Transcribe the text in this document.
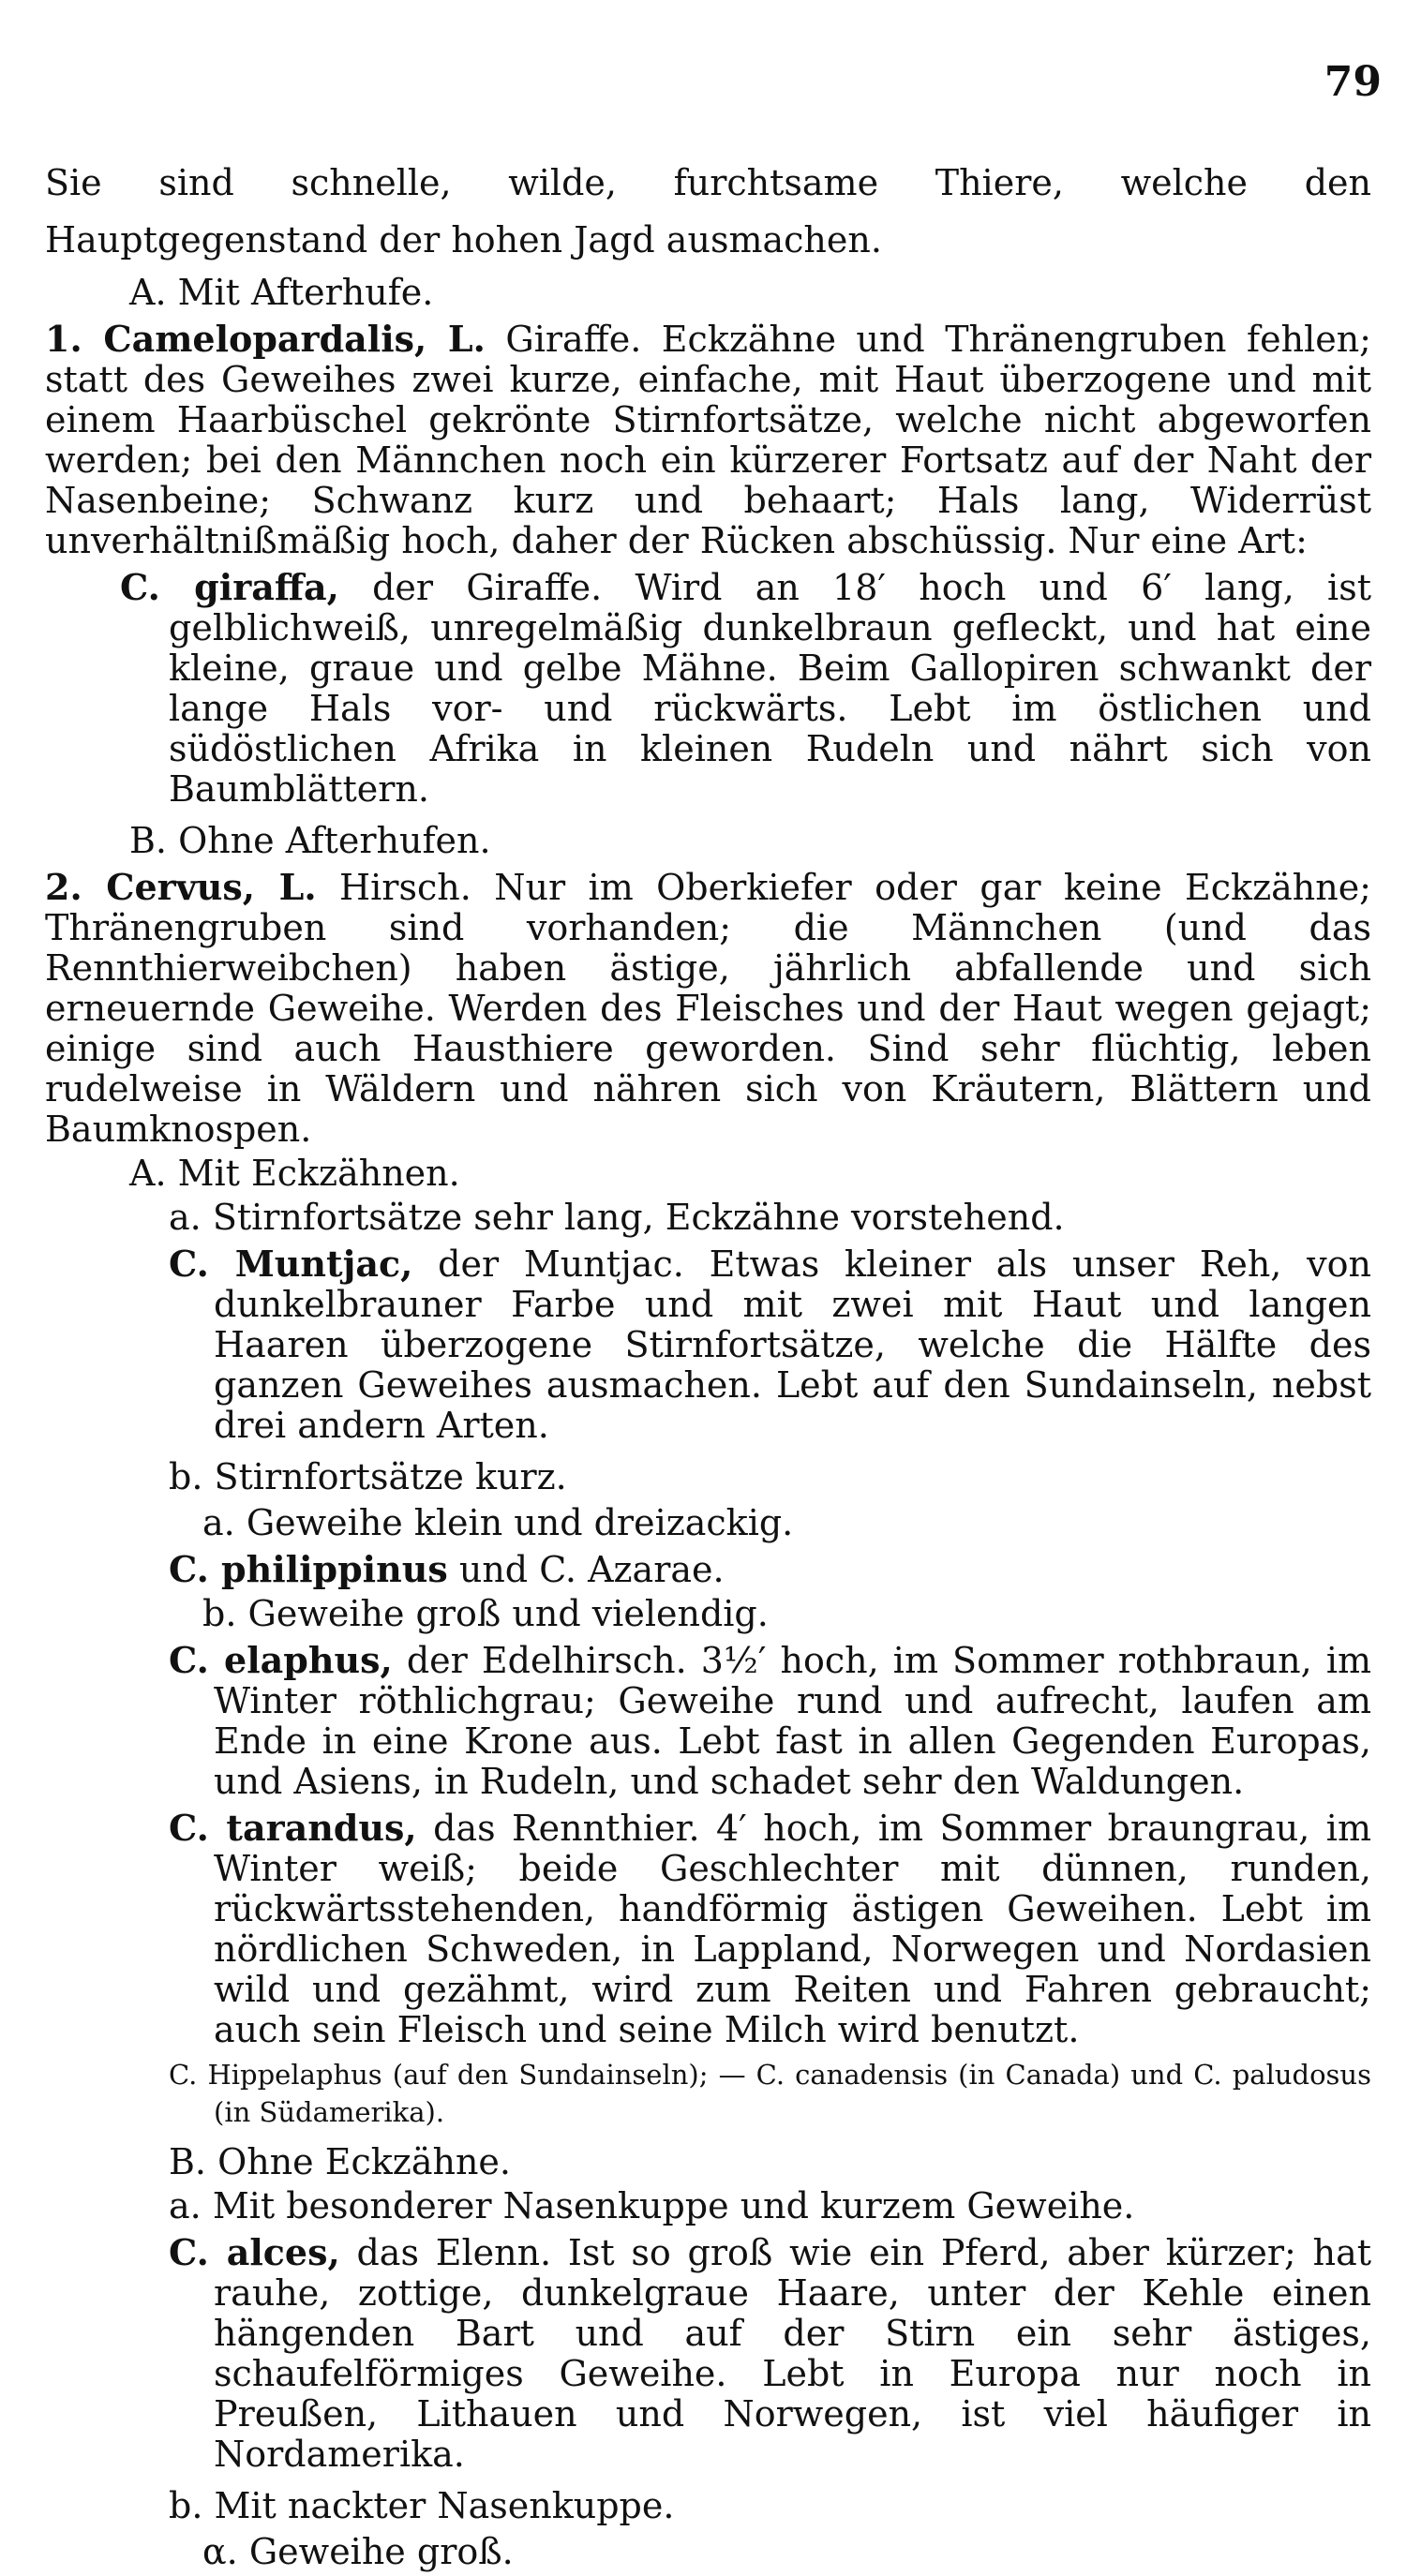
79

Sie sind schnelle, wilde, furchtsame Thiere, welche den Hauptgegenstand der hohen Jagd ausmachen.

A. Mit Afterhufe.

1. Camelopardalis, L. Giraffe. Eckzähne und Thränengruben fehlen; statt des Geweihes zwei kurze, einfache, mit Haut überzogene und mit einem Haarbüschel gekrönte Stirnfortsätze, welche nicht abgeworfen werden; bei den Männchen noch ein kürzerer Fortsatz auf der Naht der Nasenbeine; Schwanz kurz und behaart; Hals lang, Widerrüst unverhältnißmäßig hoch, daher der Rücken abschüssig. Nur eine Art:

C. giraffa, der Giraffe. Wird an 18′ hoch und 6′ lang, ist gelblichweiß, unregelmäßig dunkelbraun gefleckt, und hat eine kleine, graue und gelbe Mähne. Beim Gallopiren schwankt der lange Hals vor- und rückwärts. Lebt im östlichen und südöstlichen Afrika in kleinen Rudeln und nährt sich von Baumblättern.

B. Ohne Afterhufen.

2. Cervus, L. Hirsch. Nur im Oberkiefer oder gar keine Eckzähne; Thränengruben sind vorhanden; die Männchen (und das Rennthierweibchen) haben ästige, jährlich abfallende und sich erneuernde Geweihe. Werden des Fleisches und der Haut wegen gejagt; einige sind auch Hausthiere geworden. Sind sehr flüchtig, leben rudelweise in Wäldern und nähren sich von Kräutern, Blättern und Baumknospen.

A. Mit Eckzähnen.

a. Stirnfortsätze sehr lang, Eckzähne vorstehend.

C. Muntjac, der Muntjac. Etwas kleiner als unser Reh, von dunkelbrauner Farbe und mit zwei mit Haut und langen Haaren überzogene Stirnfortsätze, welche die Hälfte des ganzen Geweihes ausmachen. Lebt auf den Sundainseln, nebst drei andern Arten.

b. Stirnfortsätze kurz.

a. Geweihe klein und dreizackig.

C. philippinus und C. Azarae.

b. Geweihe groß und vielendig.

C. elaphus, der Edelhirsch. 3½′ hoch, im Sommer rothbraun, im Winter röthlichgrau; Geweihe rund und aufrecht, laufen am Ende in eine Krone aus. Lebt fast in allen Gegenden Europas, und Asiens, in Rudeln, und schadet sehr den Waldungen.

C. tarandus, das Rennthier. 4′ hoch, im Sommer braungrau, im Winter weiß; beide Geschlechter mit dünnen, runden, rückwärtsstehenden, handförmig ästigen Geweihen. Lebt im nördlichen Schweden, in Lappland, Norwegen und Nordasien wild und gezähmt, wird zum Reiten und Fahren gebraucht; auch sein Fleisch und seine Milch wird benutzt.

C. Hippelaphus (auf den Sundainseln); — C. canadensis (in Canada) und C. paludosus (in Südamerika).

B. Ohne Eckzähne.

a. Mit besonderer Nasenkuppe und kurzem Geweihe.

C. alces, das Elenn. Ist so groß wie ein Pferd, aber kürzer; hat rauhe, zottige, dunkelgraue Haare, unter der Kehle einen hängenden Bart und auf der Stirn ein sehr ästiges, schaufelförmiges Geweihe. Lebt in Europa nur noch in Preußen, Lithauen und Norwegen, ist viel häufiger in Nordamerika.

b. Mit nackter Nasenkuppe.

α. Geweihe groß.
